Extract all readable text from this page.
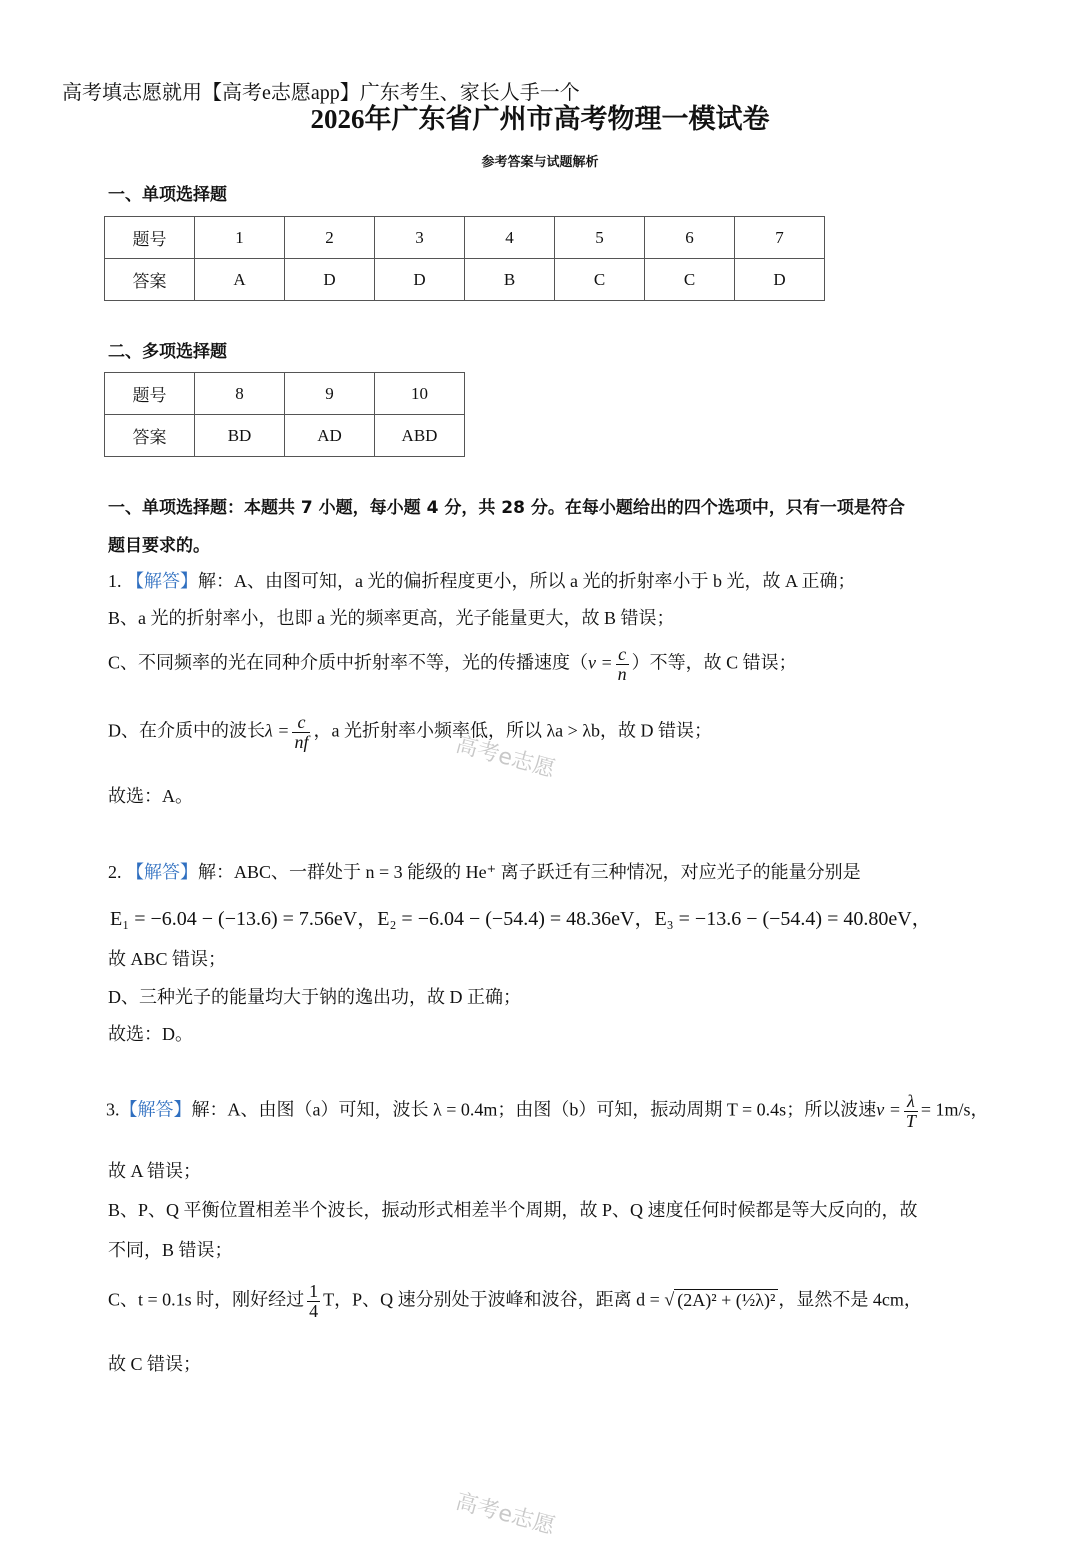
高考填志愿就用【高考e志愿app】广东考生、家长人手一个
2026年广东省广州市高考物理一模试卷
参考答案与试题解析
一、单项选择题
题号	1	2	3	4	5	6	7
答案	A	D	D	B	C	C	D
二、多项选择题
题号	8	9	10
答案	BD	AD	ABD
一、单项选择题：本题共 7 小题，每小题 4 分，共 28 分。在每小题给出的四个选项中，只有一项是符合
题目要求的。
1. 【解答】解：A、由图可知，a 光的偏折程度更小，所以 a 光的折射率小于 b 光，故 A 正确；
B、a 光的折射率小，也即 a 光的频率更高，光子能量更大，故 B 错误；
C、不同频率的光在同种介质中折射率不等，光的传播速度（$v = \frac{c}{n}$ ）不等，故 C 错误；
D、在介质中的波长$\lambda = \frac{c}{nf}$ ，a 光折射率小频率低，所以 λa > λb，故 D 错误；
故选：A。
2. 【解答】解：ABC、一群处于 n = 3 能级的 He⁺ 离子跃迁有三种情况，对应光子的能量分别是
E₁ = −6.04 − (−13.6) = 7.56eV，E₂ = −6.04 − (−54.4) = 48.36eV，E₃ = −13.6 − (−54.4) = 40.80eV，
故 ABC 错误；
D、三种光子的能量均大于钠的逸出功，故 D 正确；
故选：D。
3.【解答】解：A、由图（a）可知，波长 λ = 0.4m；由图（b）可知，振动周期 T = 0.4s；所以波速$v = \frac{\lambda}{T} = 1m/s$，
故 A 错误；
B、P、Q 平衡位置相差半个波长，振动形式相差半个周期，故 P、Q 速度任何时候都是等大反向的，故
不同，B 错误；
C、t = 0.1s 时，刚好经过 $\frac{1}{4}$ T，P、Q 速分别处于波峰和波谷，距离 d = √ (2A)² + (½λ)² ，显然不是 4cm，
故 C 错误；
高考e志愿
高考e志愿
